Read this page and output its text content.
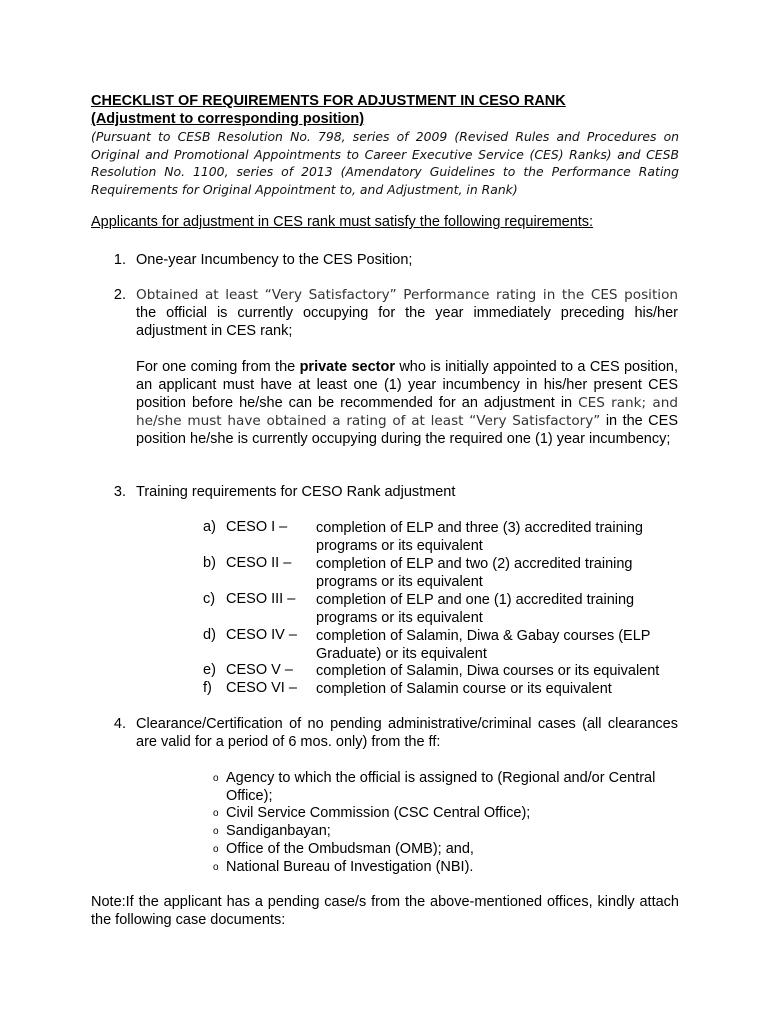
CHECKLIST OF REQUIREMENTS FOR ADJUSTMENT IN CESO RANK
(Adjustment to corresponding position)
(Pursuant to CESB Resolution No. 798, series of 2009 (Revised Rules and Procedures on Original and Promotional Appointments to Career Executive Service (CES) Ranks) and CESB Resolution No. 1100, series of 2013 (Amendatory Guidelines to the Performance Rating Requirements for Original Appointment to, and Adjustment, in Rank)
Applicants for adjustment in CES rank must satisfy the following requirements:
1. One-year Incumbency to the CES Position;
2. Obtained at least “Very Satisfactory” Performance rating in the CES position the official is currently occupying for the year immediately preceding his/her adjustment in CES rank;
For one coming from the private sector who is initially appointed to a CES position, an applicant must have at least one (1) year incumbency in his/her present CES position before he/she can be recommended for an adjustment in CES rank; and he/she must have obtained a rating of at least “Very Satisfactory” in the CES position he/she is currently occupying during the required one (1) year incumbency;
3. Training requirements for CESO Rank adjustment
a) CESO I – completion of ELP and three (3) accredited training programs or its equivalent
b) CESO II – completion of ELP and two (2) accredited training programs or its equivalent
c) CESO III – completion of ELP and one (1) accredited training programs or its equivalent
d) CESO IV – completion of Salamin, Diwa & Gabay courses (ELP Graduate) or its equivalent
e) CESO V – completion of Salamin, Diwa courses or its equivalent
f) CESO VI – completion of Salamin course or its equivalent
4. Clearance/Certification of no pending administrative/criminal cases (all clearances are valid for a period of 6 mos. only) from the ff:
o Agency to which the official is assigned to (Regional and/or Central Office);
o Civil Service Commission (CSC Central Office);
o Sandiganbayan;
o Office of the Ombudsman (OMB); and,
o National Bureau of Investigation (NBI).
Note:If the applicant has a pending case/s from the above-mentioned offices, kindly attach the following case documents:
